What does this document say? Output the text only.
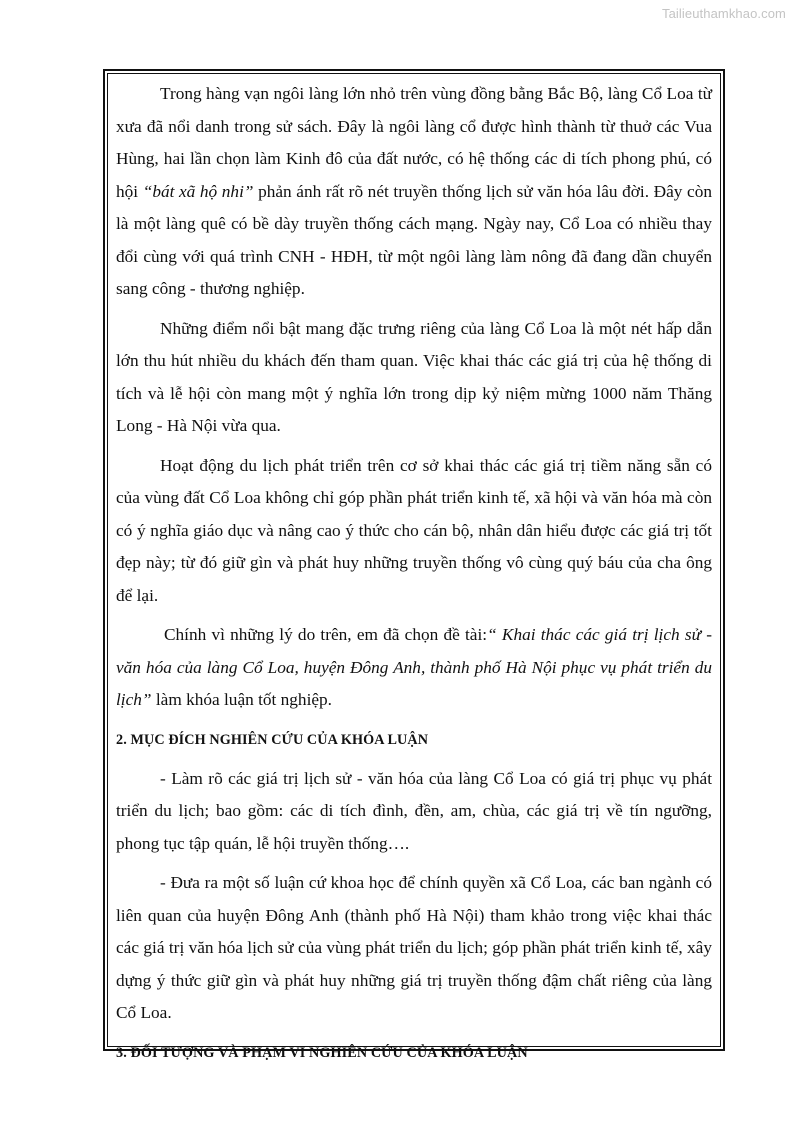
Tailieuthamkhao.com

Trong hàng vạn ngôi làng lớn nhỏ trên vùng đồng bằng Bắc Bộ, làng Cổ Loa từ xưa đã nổi danh trong sử sách. Đây là ngôi làng cổ được hình thành từ thuở các Vua Hùng, hai lần chọn làm Kinh đô của đất nước, có hệ thống các di tích phong phú, có hội “bát xã hộ nhi” phản ánh rất rõ nét truyền thống lịch sử văn hóa lâu đời. Đây còn là một làng quê có bề dày truyền thống cách mạng. Ngày nay, Cổ Loa có nhiều thay đổi cùng với quá trình CNH - HĐH, từ một ngôi làng làm nông đã đang dần chuyển sang công - thương nghiệp.

Những điểm nổi bật mang đặc trưng riêng của làng Cổ Loa là một nét hấp dẫn lớn thu hút nhiều du khách đến tham quan. Việc khai thác các giá trị của hệ thống di tích và lễ hội còn mang một ý nghĩa lớn trong dịp kỷ niệm mừng 1000 năm Thăng Long - Hà Nội vừa qua.

Hoạt động du lịch phát triển trên cơ sở khai thác các giá trị tiềm năng sẵn có của vùng đất Cổ Loa không chỉ góp phần phát triển kinh tế, xã hội và văn hóa mà còn có ý nghĩa giáo dục và nâng cao ý thức cho cán bộ, nhân dân hiểu được các giá trị tốt đẹp này; từ đó giữ gìn và phát huy những truyền thống vô cùng quý báu của cha ông để lại.

Chính vì những lý do trên, em đã chọn đề tài:“ Khai thác các giá trị lịch sử - văn hóa của làng Cổ Loa, huyện Đông Anh, thành phố Hà Nội phục vụ phát triển du lịch” làm khóa luận tốt nghiệp.

2. MỤC ĐÍCH NGHIÊN CỨU CỦA KHÓA LUẬN

- Làm rõ các giá trị lịch sử - văn hóa của làng Cổ Loa có giá trị phục vụ phát triển du lịch; bao gồm: các di tích đình, đền, am, chùa, các giá trị về tín ngưỡng, phong tục tập quán, lễ hội truyền thống….

- Đưa ra một số luận cứ khoa học để chính quyền xã Cổ Loa, các ban ngành có liên quan của huyện Đông Anh (thành phố Hà Nội) tham khảo trong việc khai thác các giá trị văn hóa lịch sử của vùng phát triển du lịch; góp phần phát triển kinh tế, xây dựng ý thức giữ gìn và phát huy những giá trị truyền thống đậm chất riêng của làng Cổ Loa.

3. ĐỐI TƯỢNG VÀ PHẠM VI NGHIÊN CỨU CỦA KHÓA LUẬN
